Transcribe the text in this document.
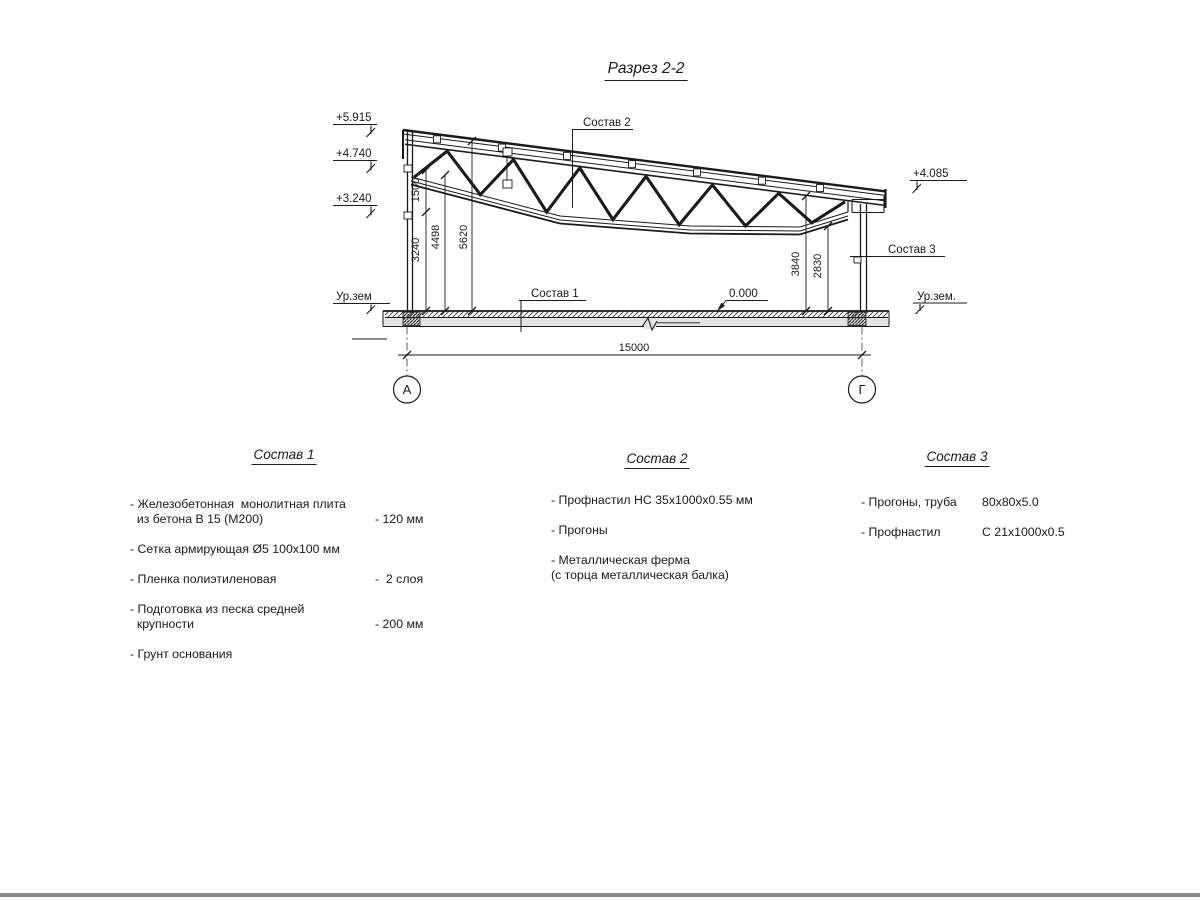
+5.915
+4.740
+3.240
+4.085
Ур.зем	Ур.зем.
0.000
Состав 1
Состав 2
Состав 3
1500
3240
4498 5620
3840 2830
15000
А	Г
Разрез 2-2
Состав 1
- Железобетонная  монолитная плита
из бетона В 15 (М200)	- 120 мм
- Сетка армирующая Ø5 100x100 мм
- Пленка полиэтиленовая	-  2 слоя
- Подготовка из песка средней
крупности	- 200 мм
- Грунт основания
Состав 2
- Профнастил НС 35x1000x0.55 мм
- Прогоны
- Металлическая ферма
(с торца металлическая балка)
Состав 3
- Прогоны, труба	80x80x5.0
- Профнастил	С 21x1000x0.5
